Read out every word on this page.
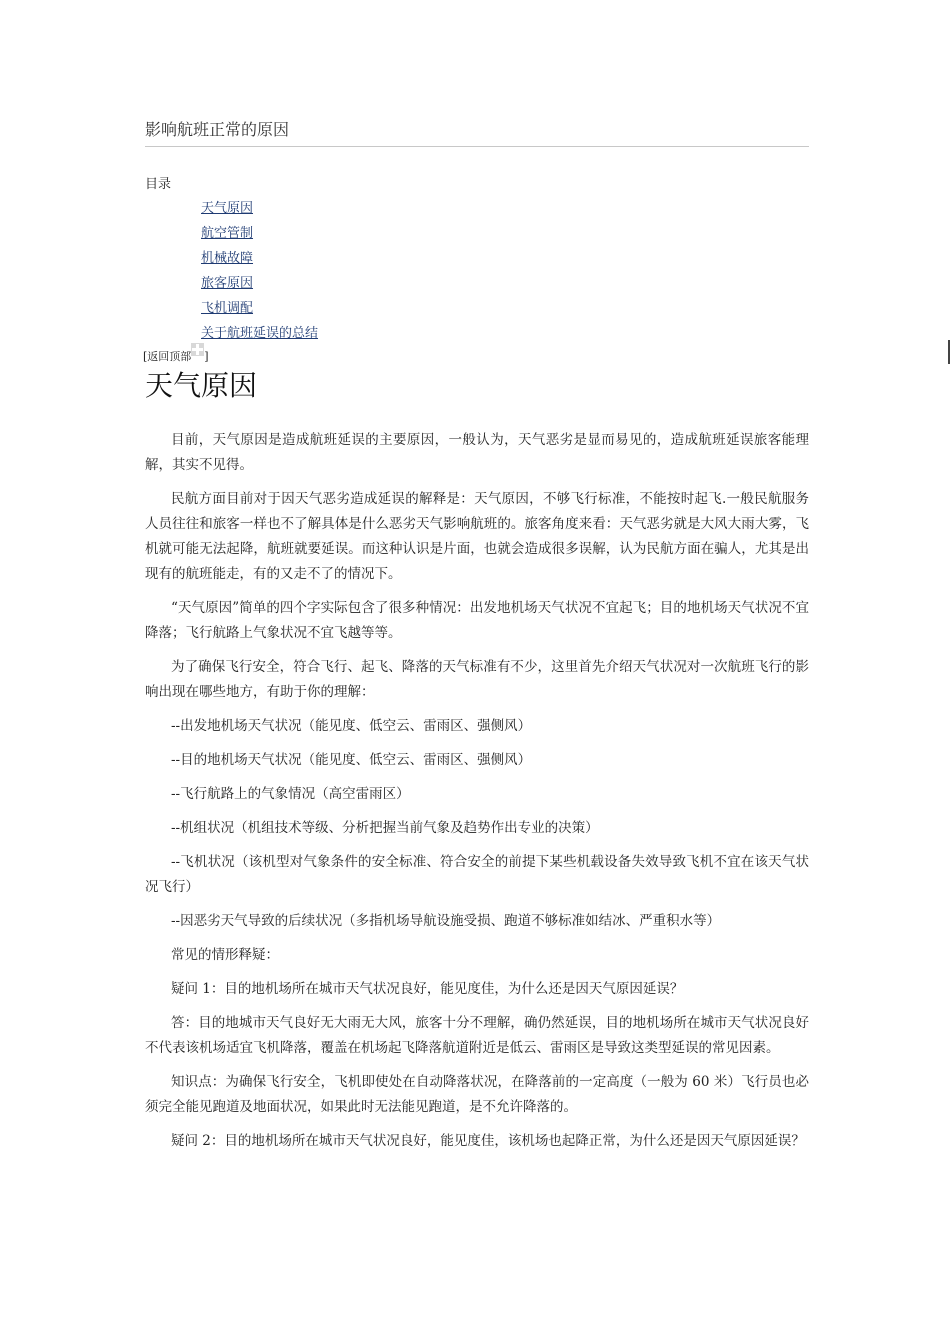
影响航班正常的原因
目录
天气原因
航空管制
机械故障
旅客原因
飞机调配
关于航班延误的总结
[返回顶部 ]
天气原因

目前，天气原因是造成航班延误的主要原因，一般认为，天气恶劣是显而易见的，造成航班延误旅客能理解，其实不见得。

民航方面目前对于因天气恶劣造成延误的解释是：天气原因，不够飞行标准，不能按时起飞.一般民航服务人员往往和旅客一样也不了解具体是什么恶劣天气影响航班的。旅客角度来看：天气恶劣就是大风大雨大雾，飞机就可能无法起降，航班就要延误。而这种认识是片面，也就会造成很多误解，认为民航方面在骗人，尤其是出现有的航班能走，有的又走不了的情况下。

“天气原因”简单的四个字实际包含了很多种情况：出发地机场天气状况不宜起飞；目的地机场天气状况不宜降落；飞行航路上气象状况不宜飞越等等。

为了确保飞行安全，符合飞行、起飞、降落的天气标准有不少，这里首先介绍天气状况对一次航班飞行的影响出现在哪些地方，有助于你的理解：

--出发地机场天气状况（能见度、低空云、雷雨区、强侧风）

--目的地机场天气状况（能见度、低空云、雷雨区、强侧风）

--飞行航路上的气象情况（高空雷雨区）

--机组状况（机组技术等级、分析把握当前气象及趋势作出专业的决策）

--飞机状况（该机型对气象条件的安全标准、符合安全的前提下某些机载设备失效导致飞机不宜在该天气状况飞行）

--因恶劣天气导致的后续状况（多指机场导航设施受损、跑道不够标准如结冰、严重积水等）

常见的情形释疑：

疑问 1：目的地机场所在城市天气状况良好，能见度佳，为什么还是因天气原因延误？

答：目的地城市天气良好无大雨无大风，旅客十分不理解，确仍然延误，目的地机场所在城市天气状况良好不代表该机场适宜飞机降落，覆盖在机场起飞降落航道附近是低云、雷雨区是导致这类型延误的常见因素。

知识点：为确保飞行安全，飞机即使处在自动降落状况，在降落前的一定高度（一般为 60 米）飞行员也必须完全能见跑道及地面状况，如果此时无法能见跑道，是不允许降落的。

疑问 2：目的地机场所在城市天气状况良好，能见度佳，该机场也起降正常，为什么还是因天气原因延误？
